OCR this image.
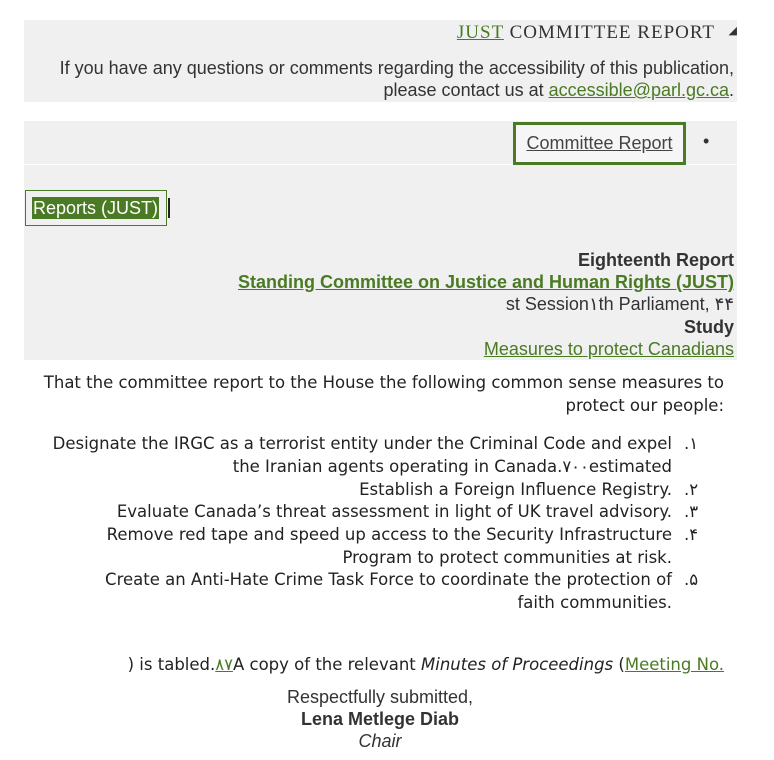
JUST COMMITTEE REPORT ◢
If you have any questions or comments regarding the accessibility of this publication, please contact us at accessible@parl.gc.ca.
Committee Report	•
Reports (JUST)
Eighteenth Report
Standing Committee on Justice and Human Rights (JUST)
st Session۱th Parliament, ۴۴
Study
Measures to protect Canadians
That the committee report to the House the following common sense measures to protect our people:
Designate the IRGC as a terrorist entity under the Criminal Code and expel the Iranian agents operating in Canada.۷۰۰estimated
.۱
Establish a Foreign Influence Registry. .۲
Evaluate Canada’s threat assessment in light of UK travel advisory. .۳
Remove red tape and speed up access to the Security Infrastructure Program to protect communities at risk.
.۴
Create an Anti-Hate Crime Task Force to coordinate the protection of faith communities.
.۵
) is tabled.۸۷A copy of the relevant Minutes of Proceedings (Meeting No.
Respectfully submitted,
Lena Metlege Diab
Chair
